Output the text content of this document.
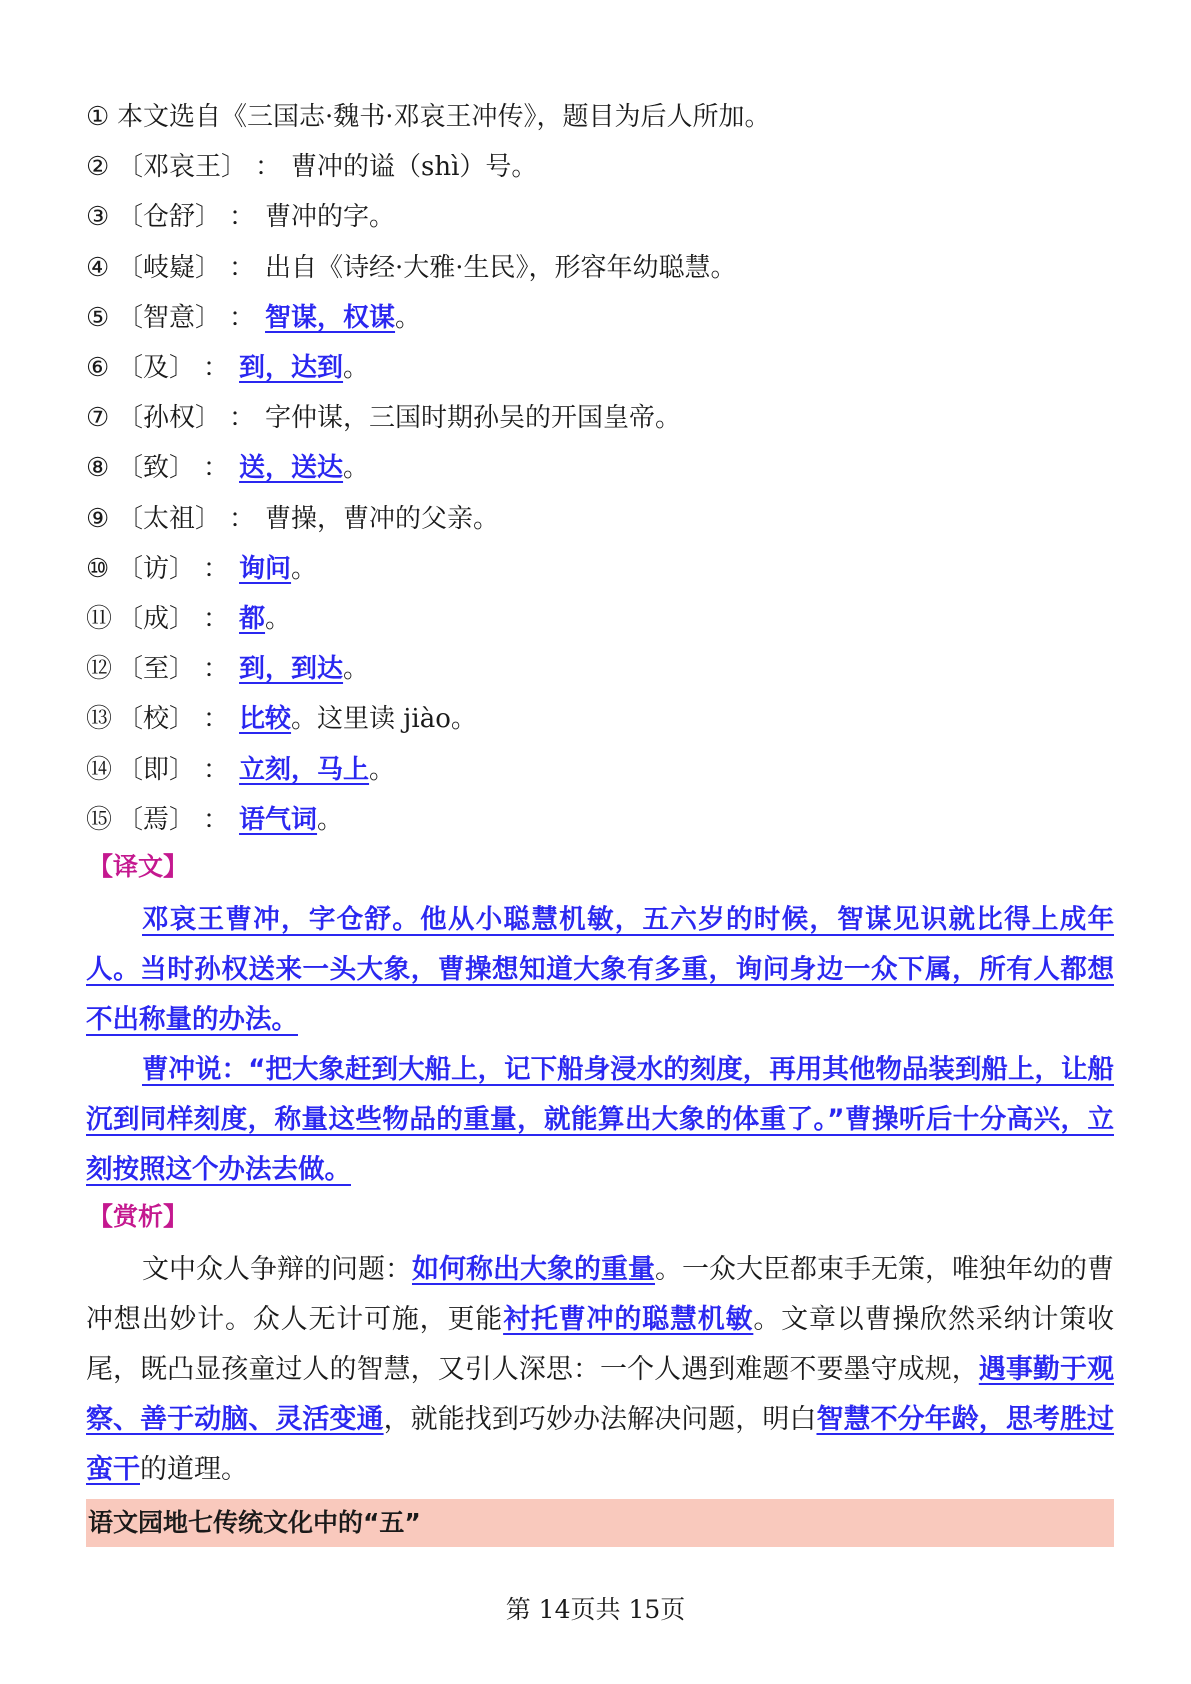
① 本文选自《三国志·魏书·邓哀王冲传》，题目为后人所加。
② 〔邓哀王〕 ： 曹冲的谥（shì）号。
③ 〔仓舒〕 ： 曹冲的字。
④ 〔岐嶷〕 ： 出自《诗经·大雅·生民》，形容年幼聪慧。
⑤ 〔智意〕 ： 智谋，权谋 。
⑥ 〔及〕 ： 到，达到 。
⑦ 〔孙权〕 ： 字仲谋，三国时期孙吴的开国皇帝。
⑧ 〔致〕 ： 送，送达 。
⑨ 〔太祖〕 ： 曹操，曹冲的父亲。
⑩ 〔访〕 ： 询问 。
⑪ 〔成〕 ： 都 。
⑫ 〔至〕 ： 到，到达 。
⑬ 〔校〕 ： 比较 。这里读 jiào。
⑭ 〔即〕 ： 立刻，马上 。
⑮ 〔焉〕 ： 语气词 。
【译文】
邓哀王曹冲，字仓舒。他从小聪慧机敏，五六岁的时候，智谋见识就比得上成年人。当时孙权送来一头大象，曹操想知道大象有多重，询问身边一众下属，所有人都想不出称量的办法。
曹冲说：“把大象赶到大船上，记下船身浸水的刻度，再用其他物品装到船上，让船沉到同样刻度，称量这些物品的重量，就能算出大象的体重了。”曹操听后十分高兴，立刻按照这个办法去做。
【赏析】
文中众人争辩的问题：如何称出大象的重量。一众大臣都束手无策，唯独年幼的曹冲想出妙计。众人无计可施，更能衬托曹冲的聪慧机敏。文章以曹操欣然采纳计策收尾，既凸显孩童过人的智慧，又引人深思：一个人遇到难题不要墨守成规，遇事勤于观察、善于动脑、灵活变通，就能找到巧妙办法解决问题，明白智慧不分年龄，思考胜过蛮干的道理。
语文园地七传统文化中的“五”
第 14页共 15页
